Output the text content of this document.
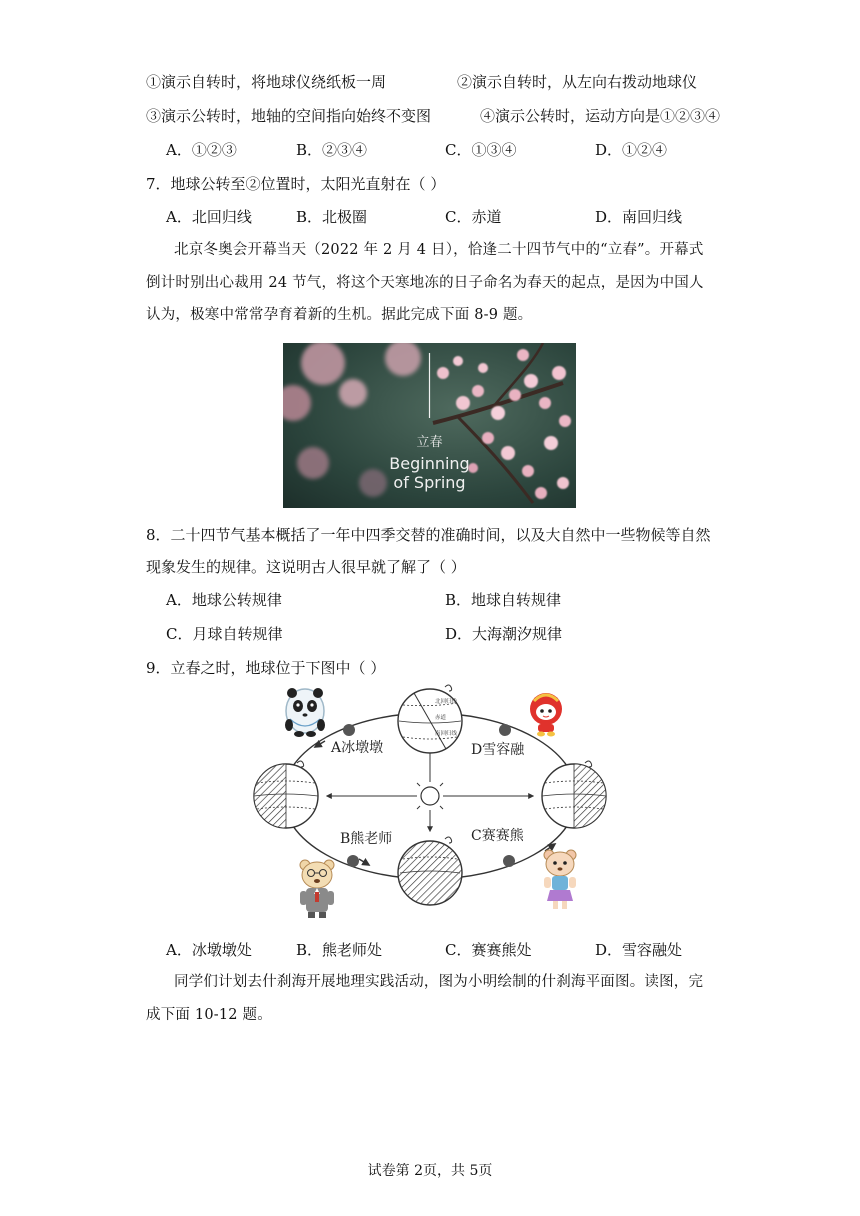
①演示自转时，将地球仪绕纸板一周	②演示自转时，从左向右拨动地球仪
③演示公转时，地轴的空间指向始终不变图	④演示公转时，运动方向是①②③④
A．①②③	B．②③④	C．①③④	D．①②④
7．地球公转至②位置时，太阳光直射在（ ）
A．北回归线	B．北极圈	C．赤道	D．南回归线
北京冬奥会开幕当天（2022 年 2 月 4 日），恰逢二十四节气中的“立春”。开幕式倒计时别出心裁用 24 节气，将这个天寒地冻的日子命名为春天的起点，是因为中国人认为，极寒中常常孕育着新的生机。据此完成下面 8-9 题。
立春
Beginning
of Spring
8．二十四节气基本概括了一年中四季交替的准确时间，以及大自然中一些物候等自然
现象发生的规律。这说明古人很早就了解了（ ）
A．地球公转规律	B．地球自转规律
C．月球自转规律	D．大海潮汐规律
9．立春之时，地球位于下图中（ ）
北回归线
赤道
南回归线
A冰墩墩	D雪容融
B熊老师	C赛赛熊
A．冰墩墩处	B．熊老师处	C．赛赛熊处	D．雪容融处
同学们计划去什刹海开展地理实践活动，图为小明绘制的什刹海平面图。读图，完成下面 10-12 题。
试卷第 2页，共 5页
